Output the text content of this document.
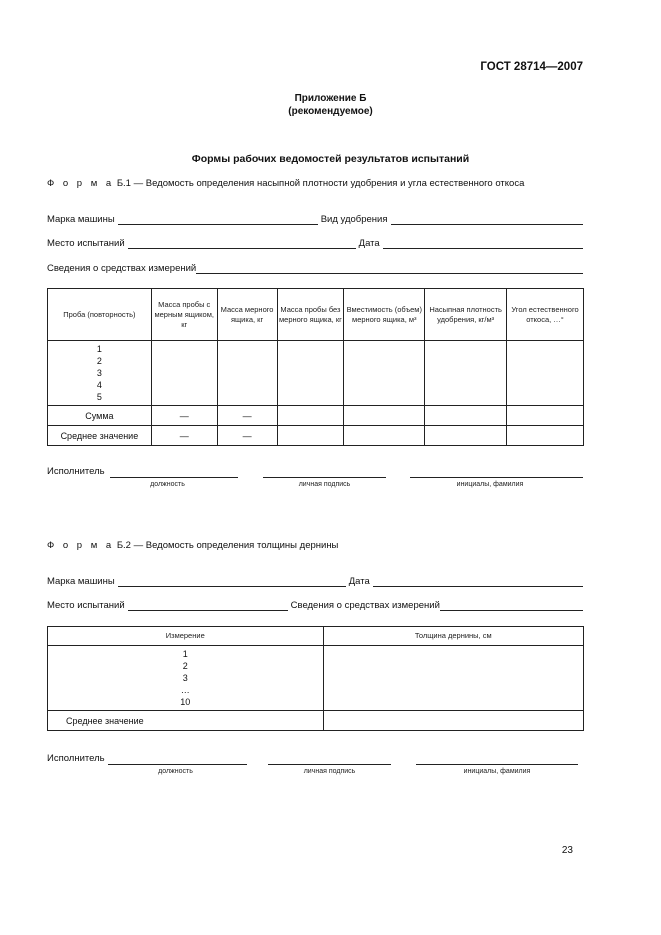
ГОСТ 28714—2007
Приложение Б
(рекомендуемое)
Формы рабочих ведомостей результатов испытаний
Ф о р м а Б.1 — Ведомость определения насыпной плотности удобрения и угла естественного откоса
Марка машины	Вид удобрения
Место испытаний	Дата
Сведения о средствах измерений
Проба (повторность)	Масса пробы с мерным ящиком, кг	Масса мерного ящика, кг	Масса пробы без мерного ящика, кг	Вместимость (объем) мерного ящика, м³	Насыпная плотность удобрения, кг/м³	Угол естественного откоса, …°

1
2
3
4
5						

Сумма	—	—				
Среднее значение	—	—				
Исполнитель
должность	личная подпись	инициалы, фамилия
Ф о р м а Б.2 — Ведомость определения толщины дернины
Марка машины	Дата
Место испытаний	Сведения о средствах измерений
Измерение	Толщина дернины, см

1
2
3
…
10	

Среднее значение	
Исполнитель
должность	личная подпись	инициалы, фамилия
23
